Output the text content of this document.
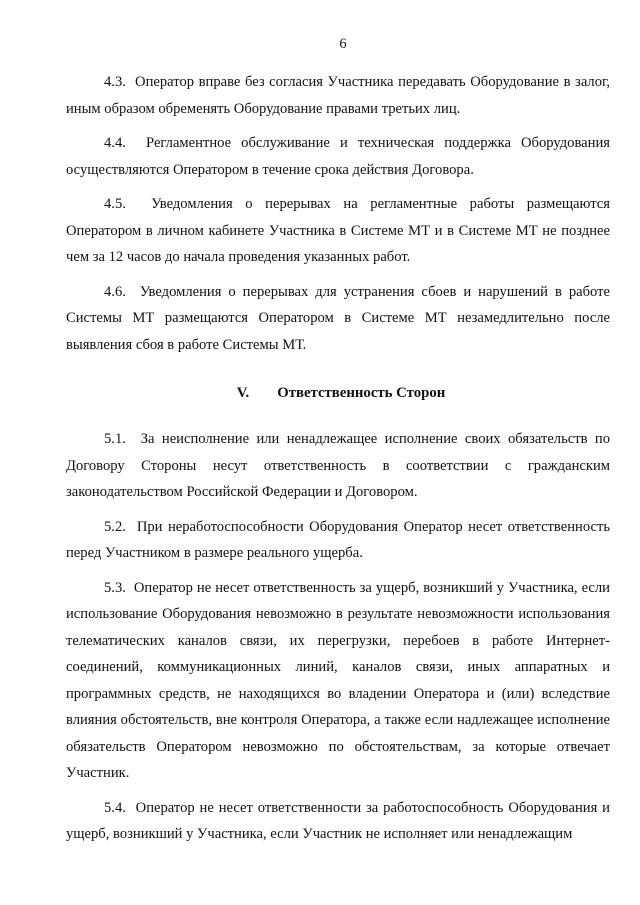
6

4.3.  Оператор вправе без согласия Участника передавать Оборудование в залог, иным образом обременять Оборудование правами третьих лиц.

4.4.  Регламентное обслуживание и техническая поддержка Оборудования осуществляются Оператором в течение срока действия Договора.

4.5.  Уведомления о перерывах на регламентные работы размещаются Оператором в личном кабинете Участника в Системе МТ и в Системе МТ не позднее чем за 12 часов до начала проведения указанных работ.

4.6.  Уведомления о перерывах для устранения сбоев и нарушений в работе Системы МТ размещаются Оператором в Системе МТ незамедлительно после выявления сбоя в работе Системы МТ.

V. Ответственность Сторон

5.1.  За неисполнение или ненадлежащее исполнение своих обязательств по Договору Стороны несут ответственность в соответствии с гражданским законодательством Российской Федерации и Договором.

5.2.  При неработоспособности Оборудования Оператор несет ответственность перед Участником в размере реального ущерба.

5.3.  Оператор не несет ответственность за ущерб, возникший у Участника, если использование Оборудования невозможно в результате невозможности использования телематических каналов связи, их перегрузки, перебоев в работе Интернет-соединений, коммуникационных линий, каналов связи, иных аппаратных и программных средств, не находящихся во владении Оператора и (или) вследствие влияния обстоятельств, вне контроля Оператора, а также если надлежащее исполнение обязательств Оператором невозможно по обстоятельствам, за которые отвечает Участник.

5.4.  Оператор не несет ответственности за работоспособность Оборудования и ущерб, возникший у Участника, если Участник не исполняет или ненадлежащим
